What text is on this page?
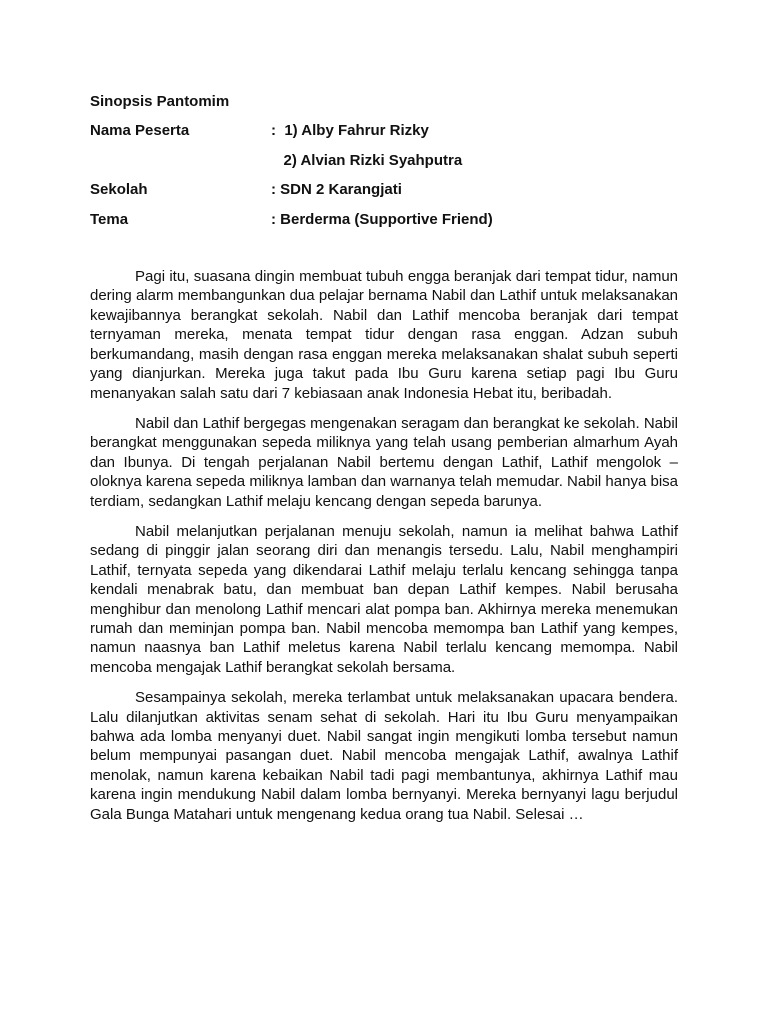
Sinopsis Pantomim
Nama Peserta	:  1) Alby Fahrur Rizky
2) Alvian Rizki Syahputra
Sekolah	: SDN 2 Karangjati
Tema	: Berderma (Supportive Friend)

Pagi itu, suasana dingin membuat tubuh engga beranjak dari tempat tidur, namun dering alarm membangunkan dua pelajar bernama Nabil dan Lathif untuk melaksanakan kewajibannya berangkat sekolah. Nabil dan Lathif mencoba beranjak dari tempat ternyaman mereka, menata tempat tidur dengan rasa enggan. Adzan subuh berkumandang, masih dengan rasa enggan mereka melaksanakan shalat subuh seperti yang dianjurkan. Mereka juga takut pada Ibu Guru karena setiap pagi Ibu Guru menanyakan salah satu dari 7 kebiasaan anak Indonesia Hebat itu, beribadah.

Nabil dan Lathif bergegas mengenakan seragam dan berangkat ke sekolah. Nabil berangkat menggunakan sepeda miliknya yang telah usang pemberian almarhum Ayah dan Ibunya. Di tengah perjalanan Nabil bertemu dengan Lathif, Lathif mengolok – oloknya karena sepeda miliknya lamban dan warnanya telah memudar. Nabil hanya bisa terdiam, sedangkan Lathif melaju kencang dengan sepeda barunya.

Nabil melanjutkan perjalanan menuju sekolah, namun ia melihat bahwa Lathif sedang di pinggir jalan seorang diri dan menangis tersedu. Lalu, Nabil menghampiri Lathif, ternyata sepeda yang dikendarai Lathif melaju terlalu kencang sehingga tanpa kendali menabrak batu, dan membuat ban depan Lathif kempes. Nabil berusaha menghibur dan menolong Lathif mencari alat pompa ban. Akhirnya mereka menemukan rumah dan meminjan pompa ban. Nabil mencoba memompa ban Lathif yang kempes, namun naasnya ban Lathif meletus karena Nabil terlalu kencang memompa. Nabil mencoba mengajak Lathif berangkat sekolah bersama.

Sesampainya sekolah, mereka terlambat untuk melaksanakan upacara bendera. Lalu dilanjutkan aktivitas senam sehat di sekolah. Hari itu Ibu Guru menyampaikan bahwa ada lomba menyanyi duet. Nabil sangat ingin mengikuti lomba tersebut namun belum mempunyai pasangan duet. Nabil mencoba mengajak Lathif, awalnya Lathif menolak, namun karena kebaikan Nabil tadi pagi membantunya, akhirnya Lathif mau karena ingin mendukung Nabil dalam lomba bernyanyi. Mereka bernyanyi lagu berjudul Gala Bunga Matahari untuk mengenang kedua orang tua Nabil. Selesai …
